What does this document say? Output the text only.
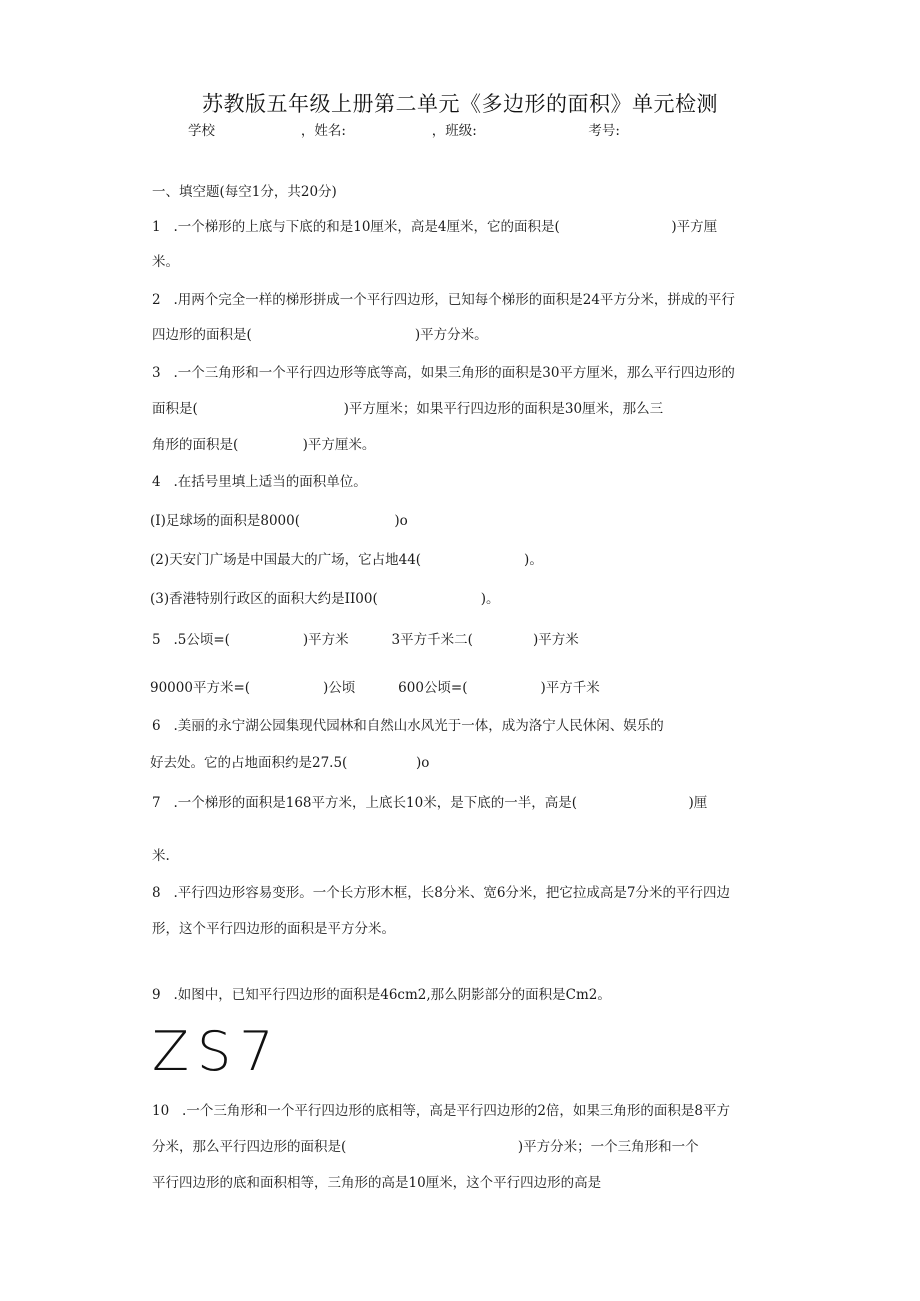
苏教版五年级上册第二单元《多边形的面积》单元检测
学校                    ，姓名:                    ，班级:                          考号:
一、填空题(每空1分，共20分)
1   .一个梯形的上底与下底的和是10厘米，高是4厘米，它的面积是(                          )平方厘
米。
2   .用两个完全一样的梯形拼成一个平行四边形，已知每个梯形的面积是24平方分米，拼成的平行
四边形的面积是(                                      )平方分米。
3   .一个三角形和一个平行四边形等底等高，如果三角形的面积是30平方厘米，那么平行四边形的
面积是(                                  )平方厘米；如果平行四边形的面积是30厘米，那么三
角形的面积是(               )平方厘米。
4   .在括号里填上适当的面积单位。
(I)足球场的面积是8000(                      )o
(2)天安门广场是中国最大的广场，它占地44(                        )。
(3)香港特别行政区的面积大约是II00(                        )。
5   .5公顷=(                 )平方米          3平方千米二(              )平方米
90000平方米=(                 )公顷          600公顷=(                 )平方千米
6   .美丽的永宁湖公园集现代园林和自然山水风光于一体，成为洛宁人民休闲、娱乐的
好去处。它的占地面积约是27.5(                )o
7   .一个梯形的面积是168平方米，上底长10米，是下底的一半，高是(                          )厘
米.
8   .平行四边形容易变形。一个长方形木框，长8分米、宽6分米，把它拉成高是7分米的平行四边
形，这个平行四边形的面积是平方分米。
9   .如图中，已知平行四边形的面积是46cm2,那么阴影部分的面积是Cm2。
ZS7
10   .一个三角形和一个平行四边形的底相等，高是平行四边形的2倍，如果三角形的面积是8平方
分米，那么平行四边形的面积是(                                        )平方分米；一个三角形和一个
平行四边形的底和面积相等，三角形的高是10厘米，这个平行四边形的高是
